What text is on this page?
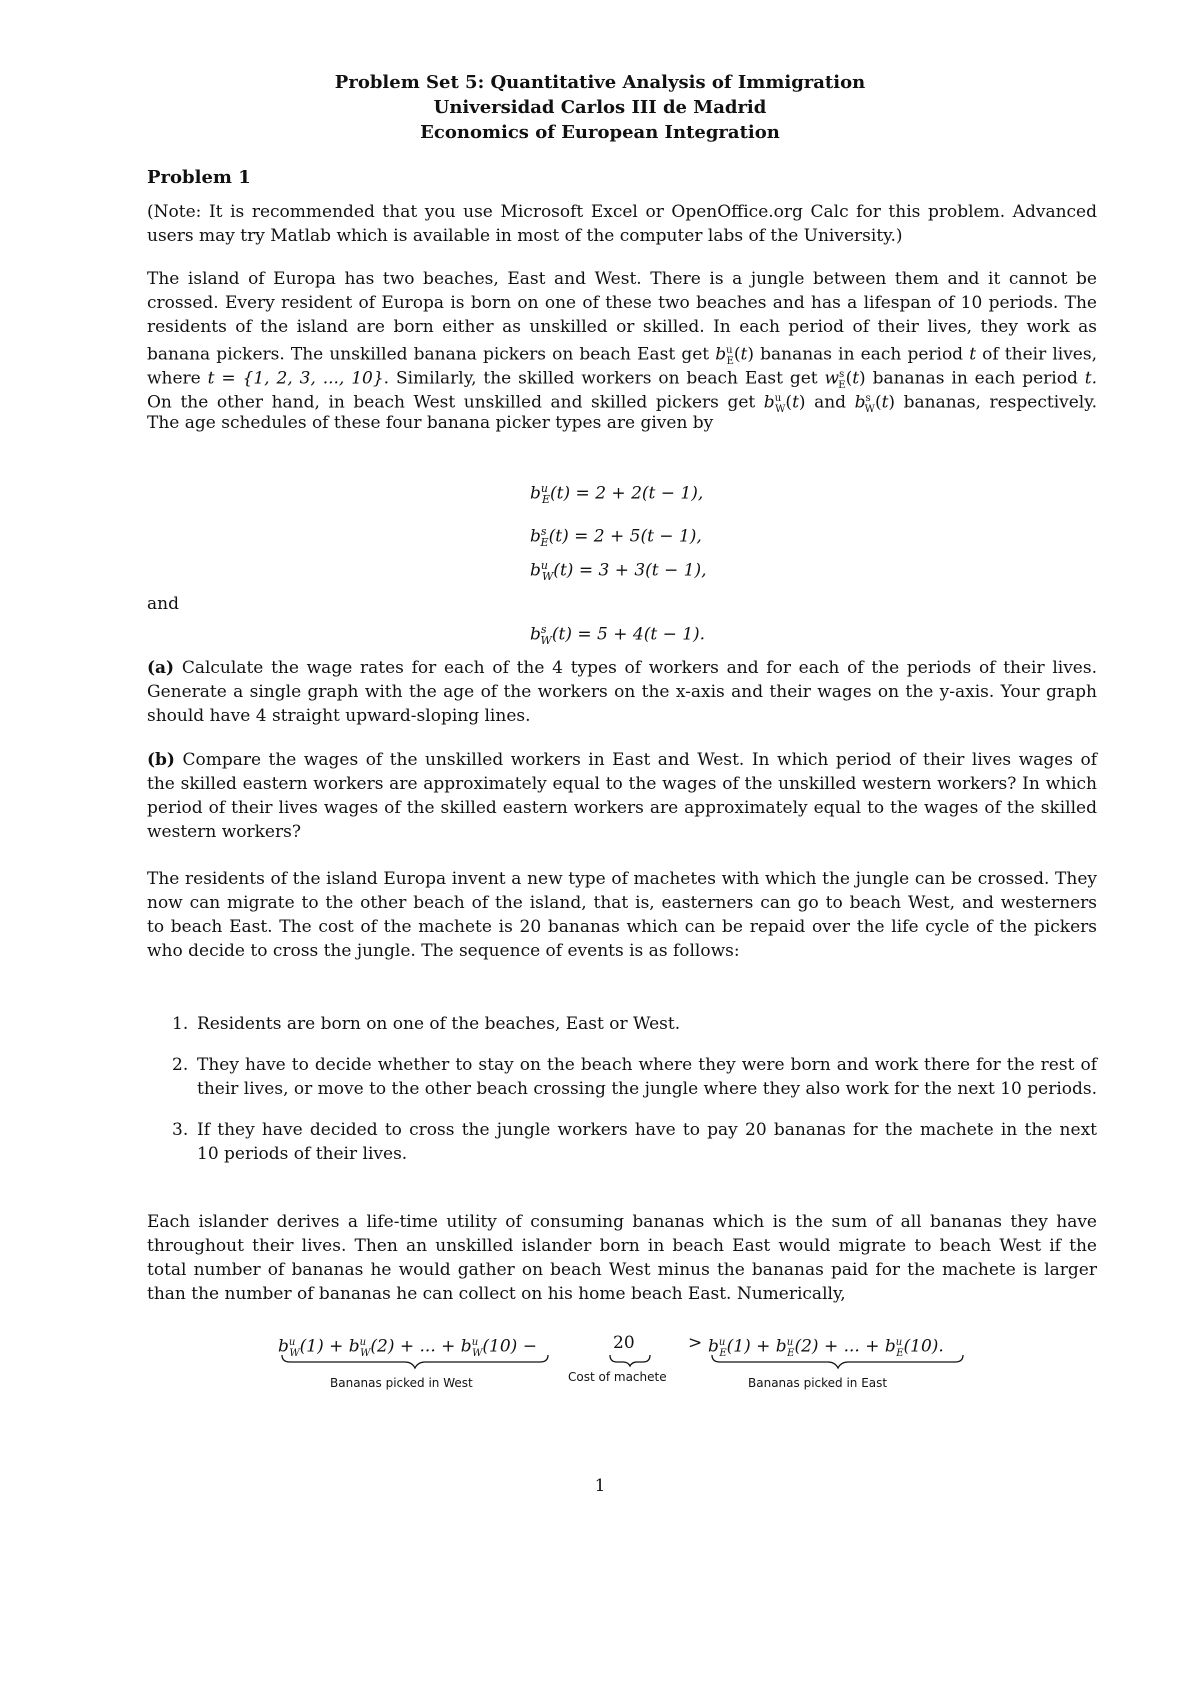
Problem Set 5: Quantitative Analysis of Immigration
Universidad Carlos III de Madrid
Economics of European Integration
Problem 1
(Note: It is recommended that you use Microsoft Excel or OpenOffice.org Calc for this problem. Advanced
users may try Matlab which is available in most of the computer labs of the University.)
The island of Europa has two beaches, East and West. There is a jungle between them and it cannot be
crossed. Every resident of Europa is born on one of these two beaches and has a lifespan of 10 periods. The
residents of the island are born either as unskilled or skilled. In each period of their lives, they work as
banana pickers. The unskilled banana pickers on beach East get $b^u_E(t)$ bananas in each period t of their lives,
where t = {1, 2, 3, ..., 10}. Similarly, the skilled workers on beach East get $w^s_E(t)$ bananas in each period t.
On the other hand, in beach West unskilled and skilled pickers get $b^u_W(t)$ and $b^s_W(t)$ bananas, respectively.
The age schedules of these four banana picker types are given by
$b^u_E(t) = 2 + 2(t - 1)$,
$b^s_E(t) = 2 + 5(t - 1)$,
$b^u_W(t) = 3 + 3(t - 1)$,
and
$b^s_W(t) = 5 + 4(t - 1)$.
(a) Calculate the wage rates for each of the 4 types of workers and for each of the periods of their lives.
Generate a single graph with the age of the workers on the x-axis and their wages on the y-axis. Your graph
should have 4 straight upward-sloping lines.
(b) Compare the wages of the unskilled workers in East and West. In which period of their lives wages of
the skilled eastern workers are approximately equal to the wages of the unskilled western workers? In which
period of their lives wages of the skilled eastern workers are approximately equal to the wages of the skilled
western workers?
The residents of the island Europa invent a new type of machetes with which the jungle can be crossed. They
now can migrate to the other beach of the island, that is, easterners can go to beach West, and westerners
to beach East. The cost of the machete is 20 bananas which can be repaid over the life cycle of the pickers
who decide to cross the jungle. The sequence of events is as follows:
1. Residents are born on one of the beaches, East or West.
2. They have to decide whether to stay on the beach where they were born and work there for the rest of
their lives, or move to the other beach crossing the jungle where they also work for the next 10 periods.
3. If they have decided to cross the jungle workers have to pay 20 bananas for the machete in the next
10 periods of their lives.
Each islander derives a life-time utility of consuming bananas which is the sum of all bananas they have
throughout their lives. Then an unskilled islander born in beach East would migrate to beach West if the
total number of bananas he would gather on beach West minus the bananas paid for the machete is larger
than the number of bananas he can collect on his home beach East. Numerically,
$b^u_W(1) + b^u_W(2)$ + ... + $b^u_W(10)$ −	20	> $b^u_E(1) + b^u_E(2)$ + ... + $b^u_E(10)$.
Bananas picked in West	Cost of machete	Bananas picked in East
1
